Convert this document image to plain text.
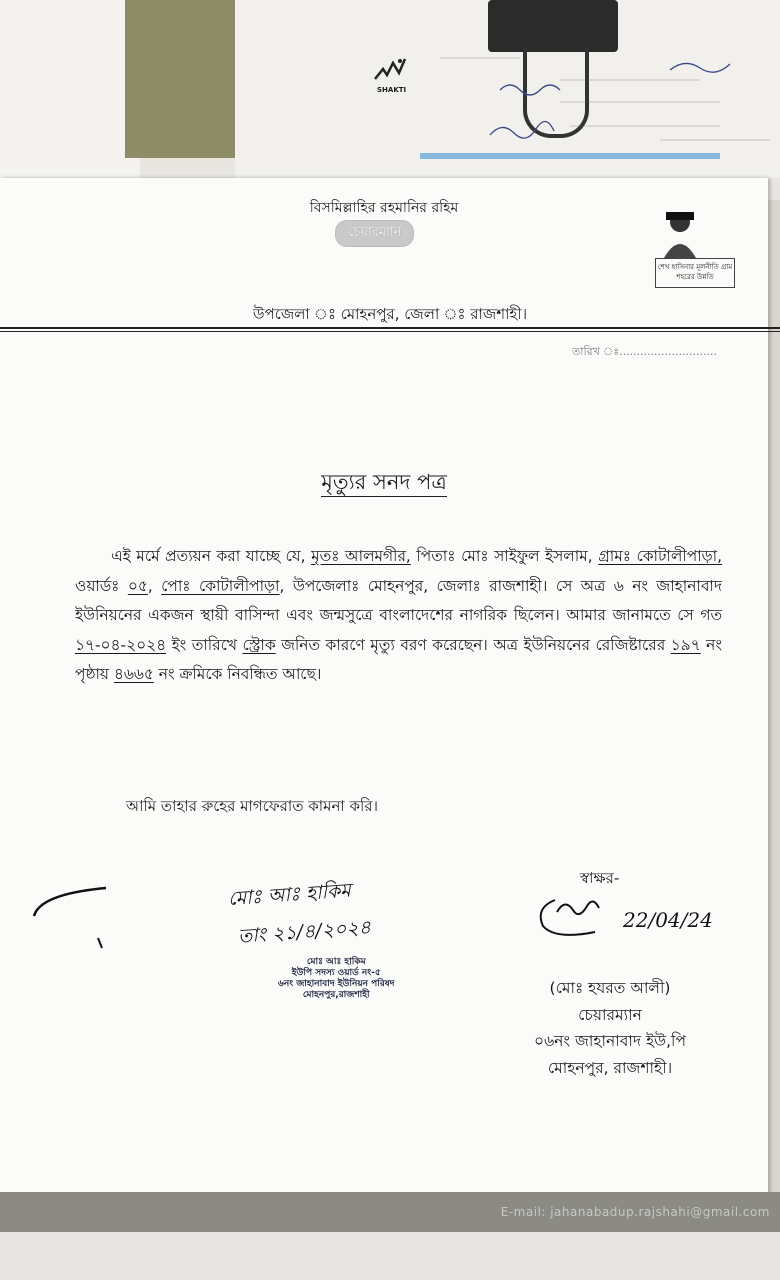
SHAKTI
বিসমিল্লাহির রহমানির রহিম
চেয়ারম্যান
উপজেলা ঃ মোহনপুর, জেলা ঃ রাজশাহী।
শেখ হাসিনার মূলনীতি গ্রাম শহরের উন্নতি
তারিখ ঃ............................
মৃত্যুর সনদ পত্র
এই মর্মে প্রত্যয়ন করা যাচ্ছে যে, মৃতঃ আলমগীর, পিতাঃ মোঃ সাইফুল ইসলাম, গ্রামঃ কোটালীপাড়া, ওয়ার্ডঃ ০৫, পোঃ কোটালীপাড়া, উপজেলাঃ মোহনপুর, জেলাঃ রাজশাহী। সে অত্র ৬ নং জাহানাবাদ ইউনিয়নের একজন স্থায়ী বাসিন্দা এবং জন্মসুত্রে বাংলাদেশের নাগরিক ছিলেন। আমার জানামতে সে গত ১৭-০৪-২০২৪ ইং তারিখে স্ট্রোক জনিত কারণে মৃত্যু বরণ করেছেন। অত্র ইউনিয়নের রেজিষ্টারের ১৯৭ নং পৃষ্ঠায় ৪৬৬৫ নং ক্রমিকে নিবন্ধিত আছে।
আমি তাহার রুহের মাগফেরাত কামনা করি।
স্বাক্ষর-
22/04/24
মোঃ আঃ হাকিম
তাং ২১/৪/২০২৪
মোঃ আঃ হাকিম
ইউপি সদস্য ওয়ার্ড নং-৫
৬নং জাহানাবাদ ইউনিয়ন পরিষদ
মোহনপুর,রাজশাহী	(মোঃ হযরত আলী)
চেয়ারম্যান
০৬নং জাহানাবাদ ইউ,পি
মোহনপুর, রাজশাহী।
E-mail: jahanabadup.rajshahi@gmail.com
